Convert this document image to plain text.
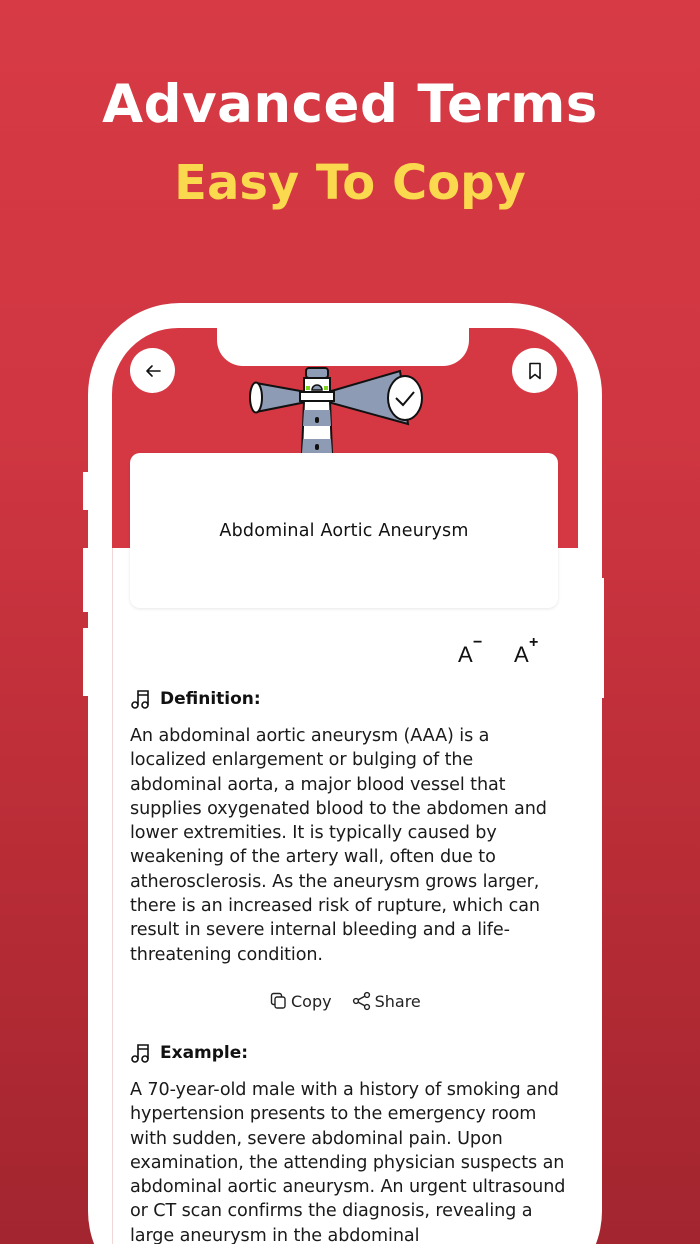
Advanced Terms
Easy To Copy
Abdominal Aortic Aneurysm
A − A +
Definition:
An abdominal aortic aneurysm (AAA) is a localized enlargement or bulging of the abdominal aorta, a major blood vessel that supplies oxygenated blood to the abdomen and lower extremities. It is typically caused by weakening of the artery wall, often due to atherosclerosis. As the aneurysm grows larger, there is an increased risk of rupture, which can result in severe internal bleeding and a life-threatening condition.
Copy	Share
Example:
A 70-year-old male with a history of smoking and hypertension presents to the emergency room with sudden, severe abdominal pain. Upon examination, the attending physician suspects an abdominal aortic aneurysm. An urgent ultrasound or CT scan confirms the diagnosis, revealing a large aneurysm in the abdominal
